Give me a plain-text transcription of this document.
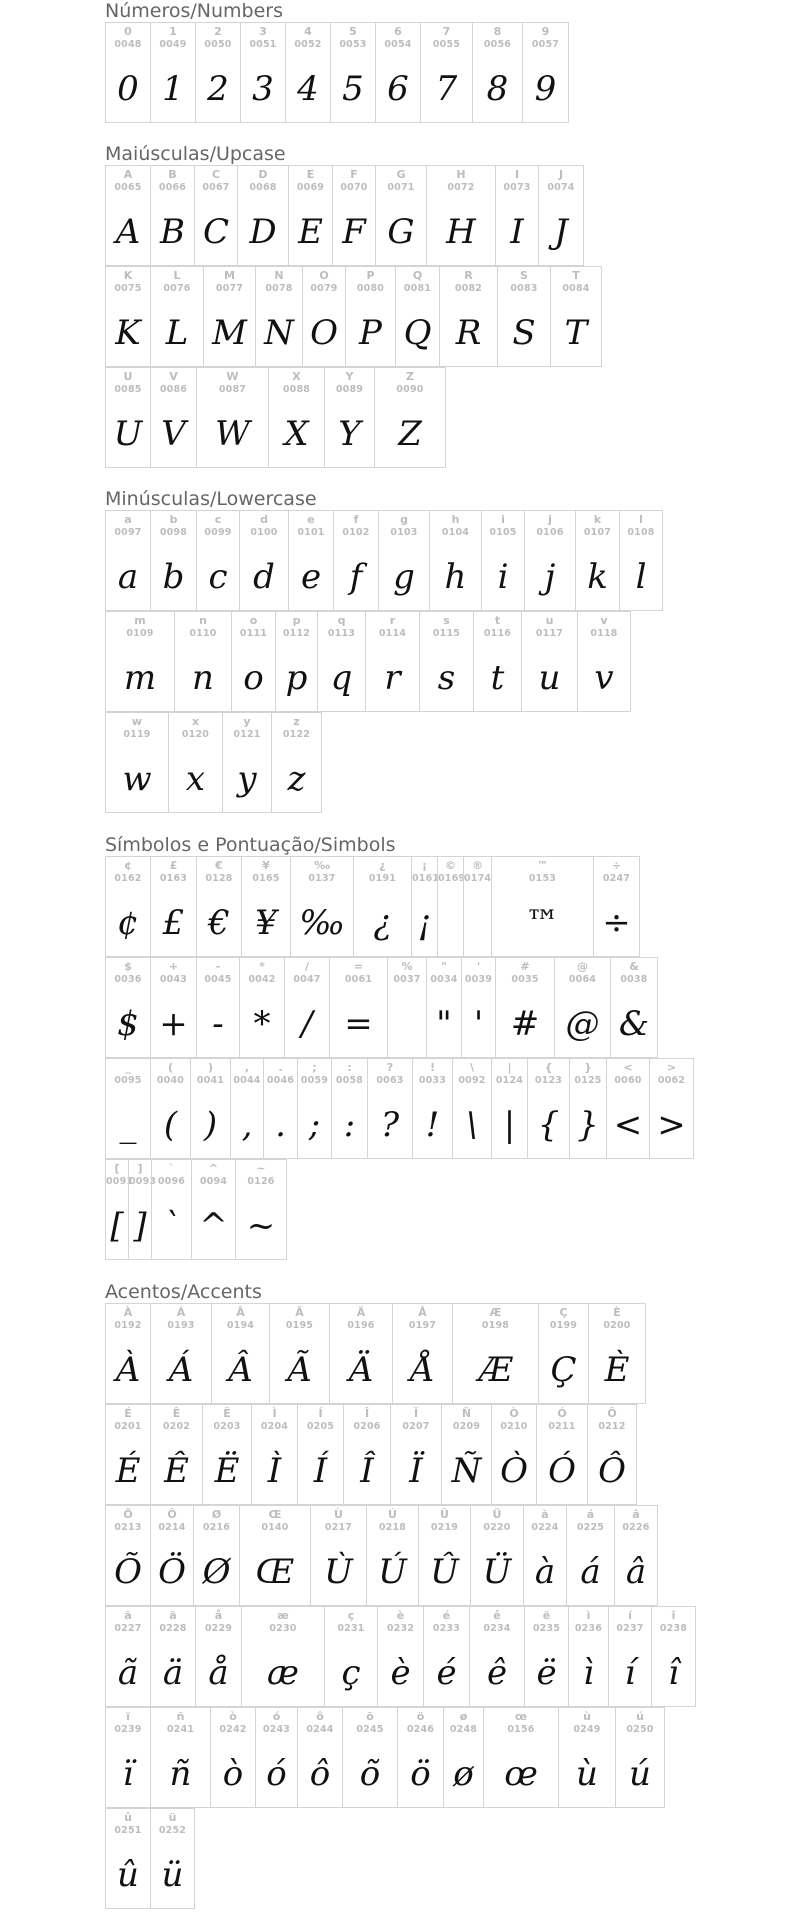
Números/Numbers
0
0048
0
1
0049
1
2
0050
2
3
0051
3
4
0052
4
5
0053
5
6
0054
6
7
0055
7
8
0056
8
9
0057
9
Maiúsculas/Upcase
A
0065
A
B
0066
B
C
0067
C
D
0068
D
E
0069
E
F
0070
F
G
0071
G
H
0072
H
I
0073
I
J
0074
J
K
0075
K
L
0076
L
M
0077
M
N
0078
N
O
0079
O
P
0080
P
Q
0081
Q
R
0082
R
S
0083
S
T
0084
T
U
0085
U
V
0086
V
W
0087
W
X
0088
X
Y
0089
Y
Z
0090
Z
Minúsculas/Lowercase
a
0097
a
b
0098
b
c
0099
c
d
0100
d
e
0101
e
f
0102
f
g
0103
g
h
0104
h
i
0105
i
j
0106
j
k
0107
k
l
0108
l
m
0109
m
n
0110
n
o
0111
o
p
0112
p
q
0113
q
r
0114
r
s
0115
s
t
0116
t
u
0117
u
v
0118
v
w
0119
w
x
0120
x
y
0121
y
z
0122
z
Símbolos e Pontuação/Simbols
¢
0162
¢
£
0163
£
€
0128
€
¥
0165
¥
‰
0137
‰
¿
0191
¿
¡
0161
¡
©
0169
®
0174
™
0153
™
÷
0247
÷
$
0036
$
+
0043
+
-
0045
-
*
0042
*
/
0047
/
=
0061
=
%
0037
"
0034
"
'
0039
'
#
0035
#
@
0064
@
&
0038
&
_
0095
_
(
0040
(
)
0041
)
,
0044
,
.
0046
.
;
0059
;
:
0058
:
?
0063
?
!
0033
!
\
0092
\
|
0124
|
{
0123
{
}
0125
}
<
0060
<
>
0062
>
[
0091
[
]
0093
]
`
0096
`
^
0094
^
~
0126
~
Acentos/Accents
À
0192
À
Á
0193
Á
Â
0194
Â
Ã
0195
Ã
Ä
0196
Ä
Å
0197
Å
Æ
0198
Æ
Ç
0199
Ç
È
0200
È
É
0201
É
Ê
0202
Ê
Ë
0203
Ë
Ì
0204
Ì
Í
0205
Í
Î
0206
Î
Ï
0207
Ï
Ñ
0209
Ñ
Ò
0210
Ò
Ó
0211
Ó
Ô
0212
Ô
Õ
0213
Õ
Ö
0214
Ö
Ø
0216
Ø
Œ
0140
Œ
Ù
0217
Ù
Ú
0218
Ú
Û
0219
Û
Ü
0220
Ü
à
0224
à
á
0225
á
â
0226
â
ã
0227
ã
ä
0228
ä
å
0229
å
æ
0230
æ
ç
0231
ç
è
0232
è
é
0233
é
ê
0234
ê
ë
0235
ë
ì
0236
ì
í
0237
í
î
0238
î
ï
0239
ï
ñ
0241
ñ
ò
0242
ò
ó
0243
ó
ô
0244
ô
õ
0245
õ
ö
0246
ö
ø
0248
ø
œ
0156
œ
ù
0249
ù
ú
0250
ú
û
0251
û
ü
0252
ü
